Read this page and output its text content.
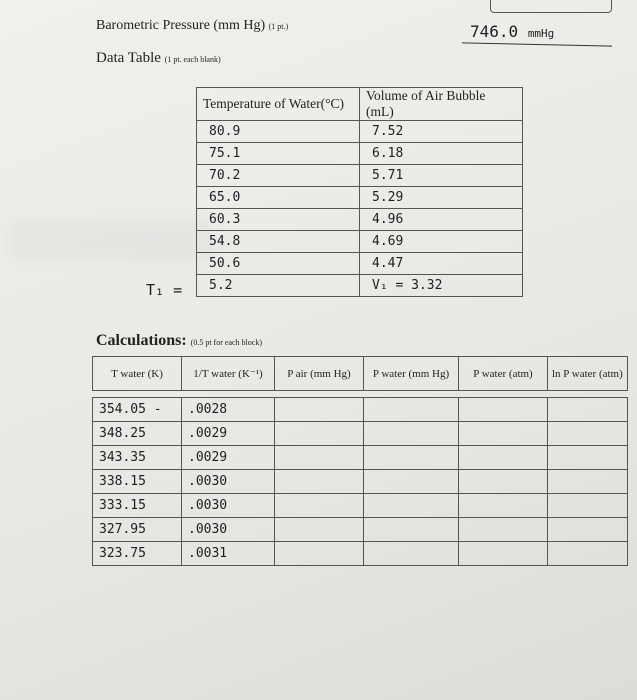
Barometric Pressure (mm Hg) (1 pt.)	746.0 mmHg
Data Table (1 pt. each blank)
Temperature of Water(°C)	Volume of Air Bubble (mL)
80.9	7.52
75.1	6.18
70.2	5.71
65.0	5.29
60.3	4.96
54.8	4.69
50.6	4.47
5.2	V₁ = 3.32
T₁ =
Calculations: (0.5 pt for each block)
T water (K)	1/T water (K⁻¹)	P air (mm Hg)	P water (mm Hg)	P water (atm)	ln P water (atm)

354.05 -	.0028				
348.25	.0029				
343.35	.0029				
338.15	.0030				
333.15	.0030				
327.95	.0030				
323.75	.0031				
